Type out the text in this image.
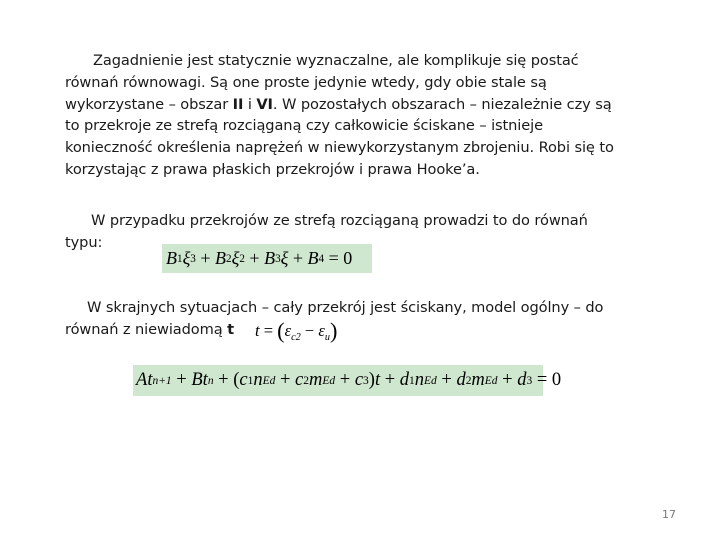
Zagadnienie jest statycznie wyznaczalne, ale komplikuje się postać równań równowagi. Są one proste jedynie wtedy, gdy obie stale są wykorzystane – obszar II i VI. W pozostałych obszarach – niezależnie czy są to przekroje ze strefą rozciąganą czy całkowicie ściskane – istnieje konieczność określenia naprężeń w niewykorzystanym zbrojeniu. Robi się to korzystając z prawa płaskich przekrojów i prawa Hooke’a.
W przypadku przekrojów ze strefą rozciąganą prowadzi to do równań typu:
B 1 ξ 3
+
B 2 ξ 2
+
B 3 ξ
+
B 4
= 0
W skrajnych sytuacjach – cały przekrój jest ściskany, model ogólny – do równań z niewiadomą t	$t = (\varepsilon_{c2} - \varepsilon_u)$
A t n+1
+
B t n
+
( c 1 n Ed
+
c 2 m Ed
+
c 3 ) t
+
d 1 n Ed
+
d 2 m Ed
+
d 3
= 0
17
